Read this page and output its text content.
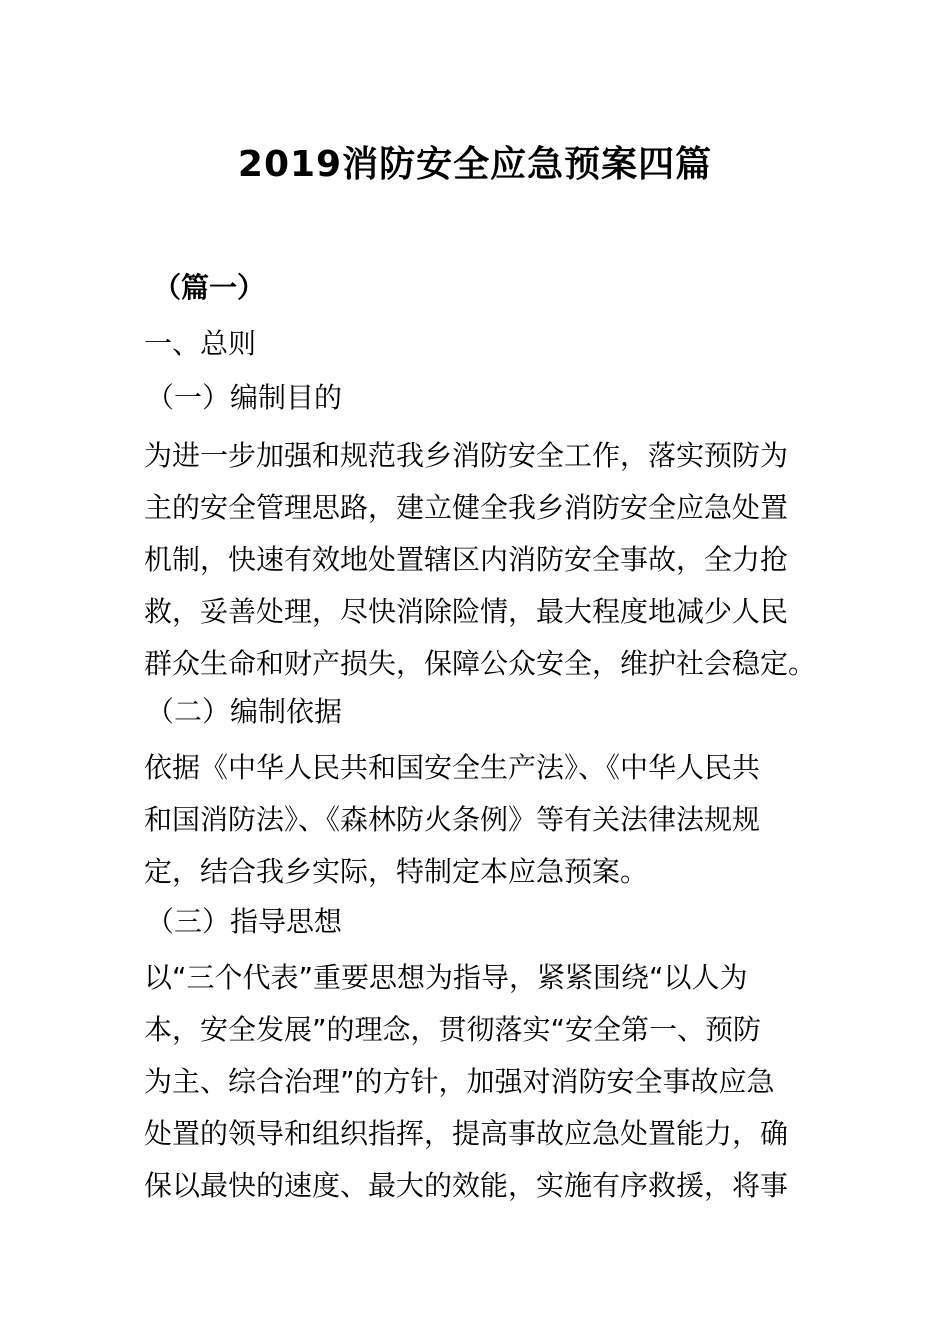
2019消防安全应急预案四篇
（篇一）
一、总则
（一）编制目的
为进一步加强和规范我乡消防安全工作，落实预防为
主的安全管理思路，建立健全我乡消防安全应急处置
机制，快速有效地处置辖区内消防安全事故，全力抢
救，妥善处理，尽快消除险情，最大程度地减少人民
群众生命和财产损失，保障公众安全，维护社会稳定。
（二）编制依据
依据《中华人民共和国安全生产法》、《中华人民共
和国消防法》、《森林防火条例》等有关法律法规规
定，结合我乡实际，特制定本应急预案。
（三）指导思想
以“三个代表”重要思想为指导，紧紧围绕“以人为
本，安全发展”的理念，贯彻落实“安全第一、预防
为主、综合治理”的方针，加强对消防安全事故应急
处置的领导和组织指挥，提高事故应急处置能力，确
保以最快的速度、最大的效能，实施有序救援，将事
